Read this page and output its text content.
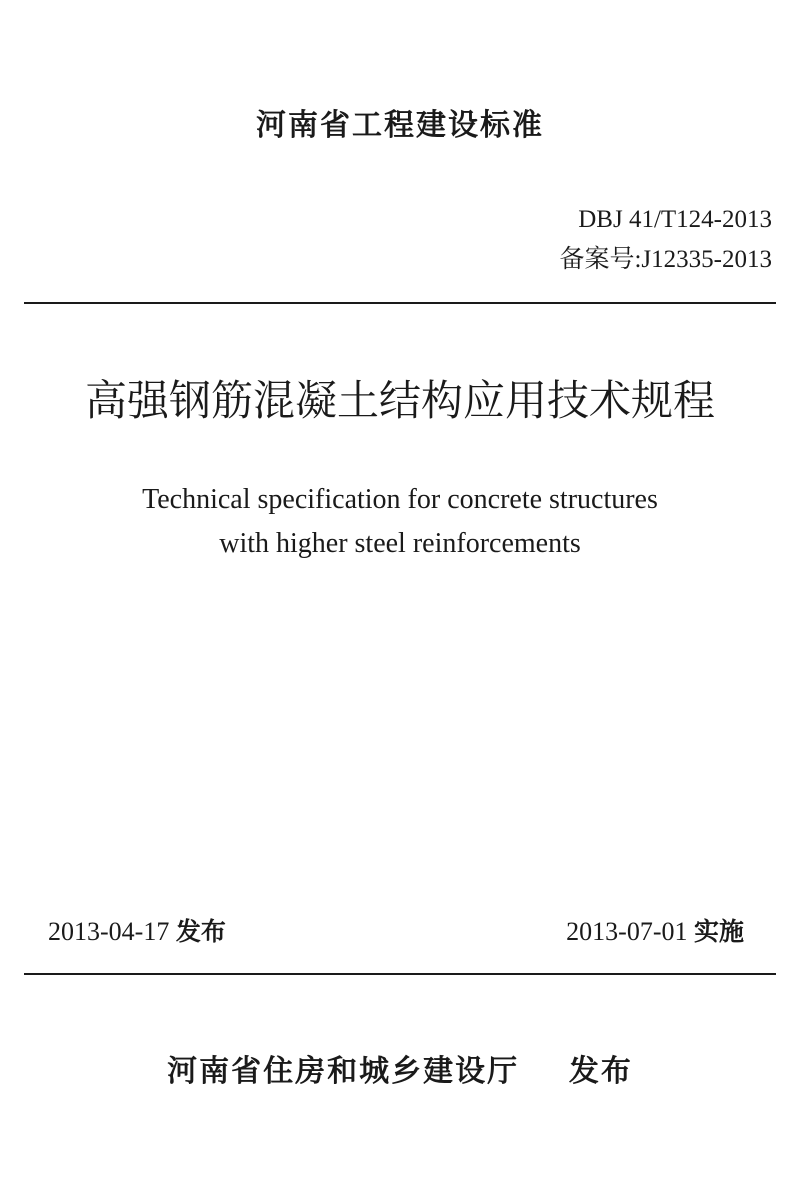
河南省工程建设标准
DBJ 41/T124-2013
备案号:J12335-2013
高强钢筋混凝土结构应用技术规程
Technical specification for concrete structures
with higher steel reinforcements
2013-04-17 发布	2013-07-01 实施
河南省住房和城乡建设厅 发布
